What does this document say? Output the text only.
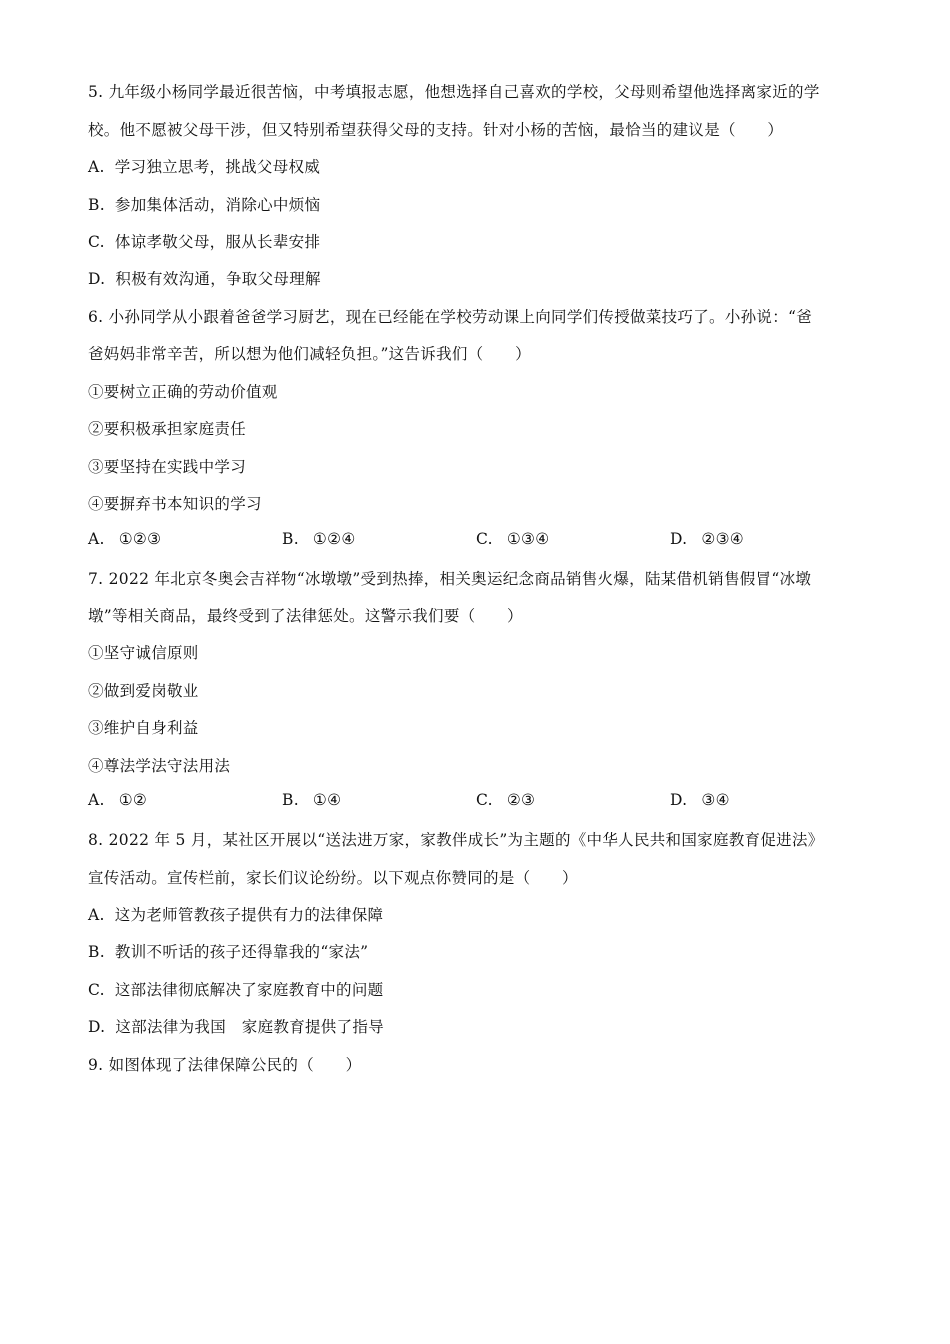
5. 九年级小杨同学最近很苦恼，中考填报志愿，他想选择自己喜欢的学校，父母则希望他选择离家近的学
校。他不愿被父母干涉，但又特别希望获得父母的支持。针对小杨的苦恼，最恰当的建议是（　　）
A. 学习独立思考，挑战父母权威
B. 参加集体活动，消除心中烦恼
C. 体谅孝敬父母，服从长辈安排
D. 积极有效沟通，争取父母理解
6. 小孙同学从小跟着爸爸学习厨艺，现在已经能在学校劳动课上向同学们传授做菜技巧了。小孙说：“爸
爸妈妈非常辛苦，所以想为他们减轻负担。”这告诉我们（　　）
①要树立正确的劳动价值观
②要积极承担家庭责任
③要坚持在实践中学习
④要摒弃书本知识的学习
A. ①②③	B. ①②④	C. ①③④	D. ②③④
7. 2022 年北京冬奥会吉祥物“冰墩墩”受到热捧，相关奥运纪念商品销售火爆，陆某借机销售假冒“冰墩
墩”等相关商品，最终受到了法律惩处。这警示我们要（　　）
①坚守诚信原则
②做到爱岗敬业
③维护自身利益
④尊法学法守法用法
A. ①②	B. ①④	C. ②③	D. ③④
8. 2022 年 5 月，某社区开展以“送法进万家，家教伴成长”为主题的《中华人民共和国家庭教育促进法》
宣传活动。宣传栏前，家长们议论纷纷。以下观点你赞同的是（　　）
A. 这为老师管教孩子提供有力的法律保障
B. 教训不听话的孩子还得靠我的“家法”
C. 这部法律彻底解决了家庭教育中的问题
D. 这部法律为我国　家庭教育提供了指导
9. 如图体现了法律保障公民的（　　）
